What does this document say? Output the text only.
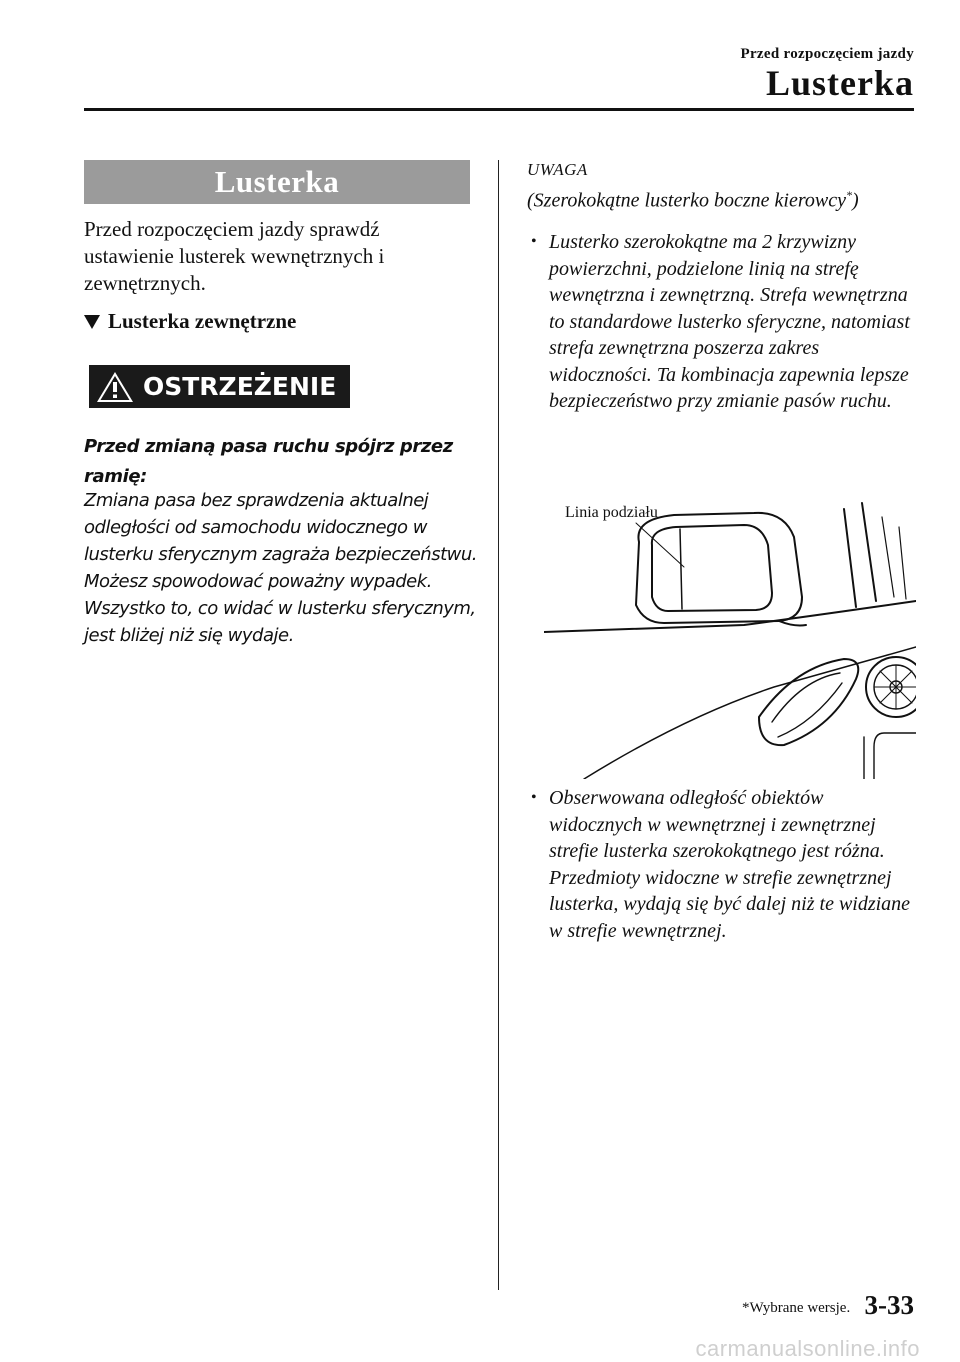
Przed rozpoczęciem jazdy
Lusterka
Lusterka
Przed rozpoczęciem jazdy sprawdź ustawienie lusterek wewnętrznych i zewnętrznych.
Lusterka zewnętrzne
OSTRZEŻENIE
Przed zmianą pasa ruchu spójrz przez ramię:
Zmiana pasa bez sprawdzenia aktualnej odległości od samochodu widocznego w lusterku sferycznym zagraża bezpieczeństwu. Możesz spowodować poważny wypadek. Wszystko to, co widać w lusterku sferycznym, jest bliżej niż się wydaje.
UWAGA
(Szerokokątne lusterko boczne kierowcy*)
• Lusterko szerokokątne ma 2 krzywizny powierzchni, podzielone linią na strefę wewnętrzna i zewnętrzną. Strefa wewnętrzna to standardowe lusterko sferyczne, natomiast strefa zewnętrzna poszerza zakres widoczności. Ta kombinacja zapewnia lepsze bezpieczeństwo przy zmianie pasów ruchu.
Linia podziału
• Obserwowana odległość obiektów widocznych w wewnętrznej i zewnętrznej strefie lusterka szerokokątnego jest różna. Przedmioty widoczne w strefie zewnętrznej lusterka, wydają się być dalej niż te widziane w strefie wewnętrznej.
*Wybrane wersje. 3-33
carmanualsonline.info
